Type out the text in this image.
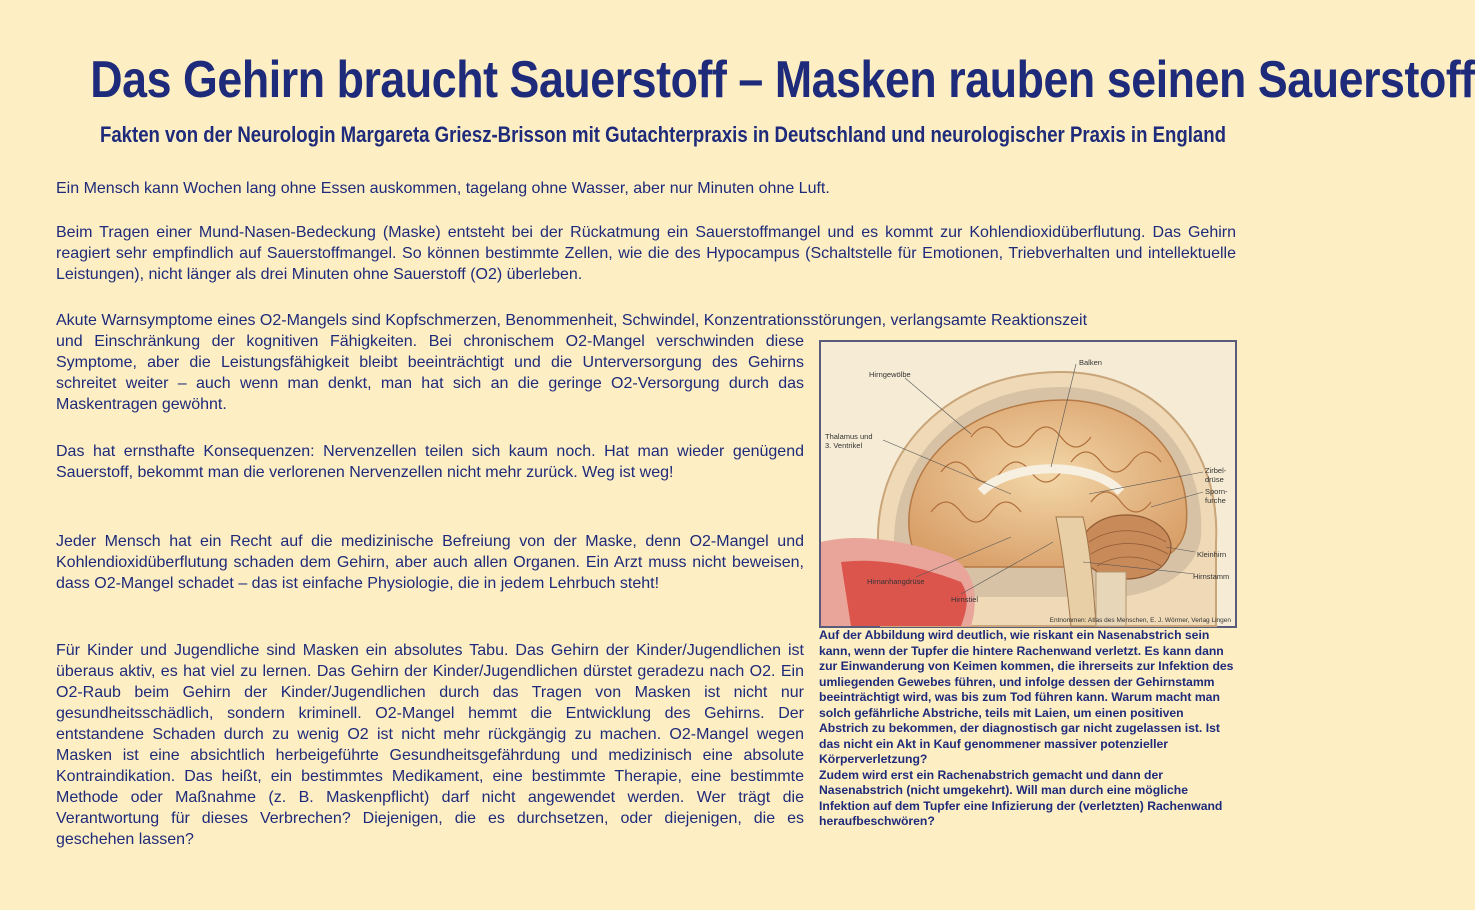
Das Gehirn braucht Sauerstoff – Masken rauben seinen Sauerstoff
Fakten von der Neurologin Margareta Griesz-Brisson mit Gutachterpraxis in Deutschland und neurologischer Praxis in England
Ein Mensch kann Wochen lang ohne Essen auskommen, tagelang ohne Wasser, aber nur Minuten ohne Luft.
Beim Tragen einer Mund-Nasen-Bedeckung (Maske) entsteht bei der Rückatmung ein Sauerstoffmangel und es kommt zur Kohlendioxidüberflutung. Das Gehirn reagiert sehr empfindlich auf Sauerstoffmangel. So können bestimmte Zellen, wie die des Hypocampus (Schaltstelle für Emotionen, Triebverhalten und intellektuelle Leistungen), nicht länger als drei Minuten ohne Sauerstoff (O2) überleben.
Akute Warnsymptome eines O2-Mangels sind Kopfschmerzen, Benommenheit, Schwindel, Konzentrationsstörungen, verlangsamte Reaktionszeit
und Einschränkung der kognitiven Fähigkeiten. Bei chronischem O2-Mangel verschwinden diese Symptome, aber die Leistungsfähigkeit bleibt beeinträchtigt und die Unterversorgung des Gehirns schreitet weiter – auch wenn man denkt, man hat sich an die geringe O2-Versorgung durch das Maskentragen gewöhnt.
Das hat ernsthafte Konsequenzen: Nervenzellen teilen sich kaum noch. Hat man wieder genügend Sauerstoff, bekommt man die verlorenen Nervenzellen nicht mehr zurück. Weg ist weg!
Jeder Mensch hat ein Recht auf die medizinische Befreiung von der Maske, denn O2-Mangel und Kohlendioxidüberflutung schaden dem Gehirn, aber auch allen Organen. Ein Arzt muss nicht beweisen, dass O2-Mangel schadet – das ist einfache Physiologie, die in jedem Lehrbuch steht!
Für Kinder und Jugendliche sind Masken ein absolutes Tabu. Das Gehirn der Kinder/Jugendlichen ist überaus aktiv, es hat viel zu lernen. Das Gehirn der Kinder/Jugendlichen dürstet geradezu nach O2. Ein O2-Raub beim Gehirn der Kinder/Jugendlichen durch das Tragen von Masken ist nicht nur gesundheitsschädlich, sondern kriminell. O2-Mangel hemmt die Entwicklung des Gehirns. Der entstandene Schaden durch zu wenig O2 ist nicht mehr rückgängig zu machen. O2-Mangel wegen Masken ist eine absichtlich herbeigeführte Gesundheitsgefährdung und medizinisch eine absolute Kontraindikation. Das heißt, ein bestimmtes Medikament, eine bestimmte Therapie, eine bestimmte Methode oder Maßnahme (z. B. Maskenpflicht) darf nicht angewendet werden. Wer trägt die Verantwortung für dieses Verbrechen? Diejenigen, die es durchsetzen, oder diejenigen, die es geschehen lassen?
Hirngewölbe
Balken
Thalamus und
3. Ventrikel
Zirbel-
drüse
Sporn-
furche
Kleinhirn
Hirnstamm
Hirnanhangdrüse
Hirnstiel
Entnommen: Atlas des Menschen, E. J. Wörmer, Verlag Lingen

Auf der Abbildung wird deutlich, wie riskant ein Nasenabstrich sein kann, wenn der Tupfer die hintere Rachenwand verletzt. Es kann dann zur Einwanderung von Keimen kommen, die ihrerseits zur Infektion des umliegenden Gewebes führen, und infolge dessen der Gehirnstamm beeinträchtigt wird, was bis zum Tod führen kann. Warum macht man solch gefährliche Abstriche, teils mit Laien, um einen positiven Abstrich zu bekommen, der diagnostisch gar nicht zugelassen ist. Ist das nicht ein Akt in Kauf genommener massiver potenzieller Körperverletzung?

Zudem wird erst ein Rachenabstrich gemacht und dann der Nasenabstrich (nicht umgekehrt). Will man durch eine mögliche Infektion auf dem Tupfer eine Infizierung der (verletzten) Rachenwand heraufbeschwören?
